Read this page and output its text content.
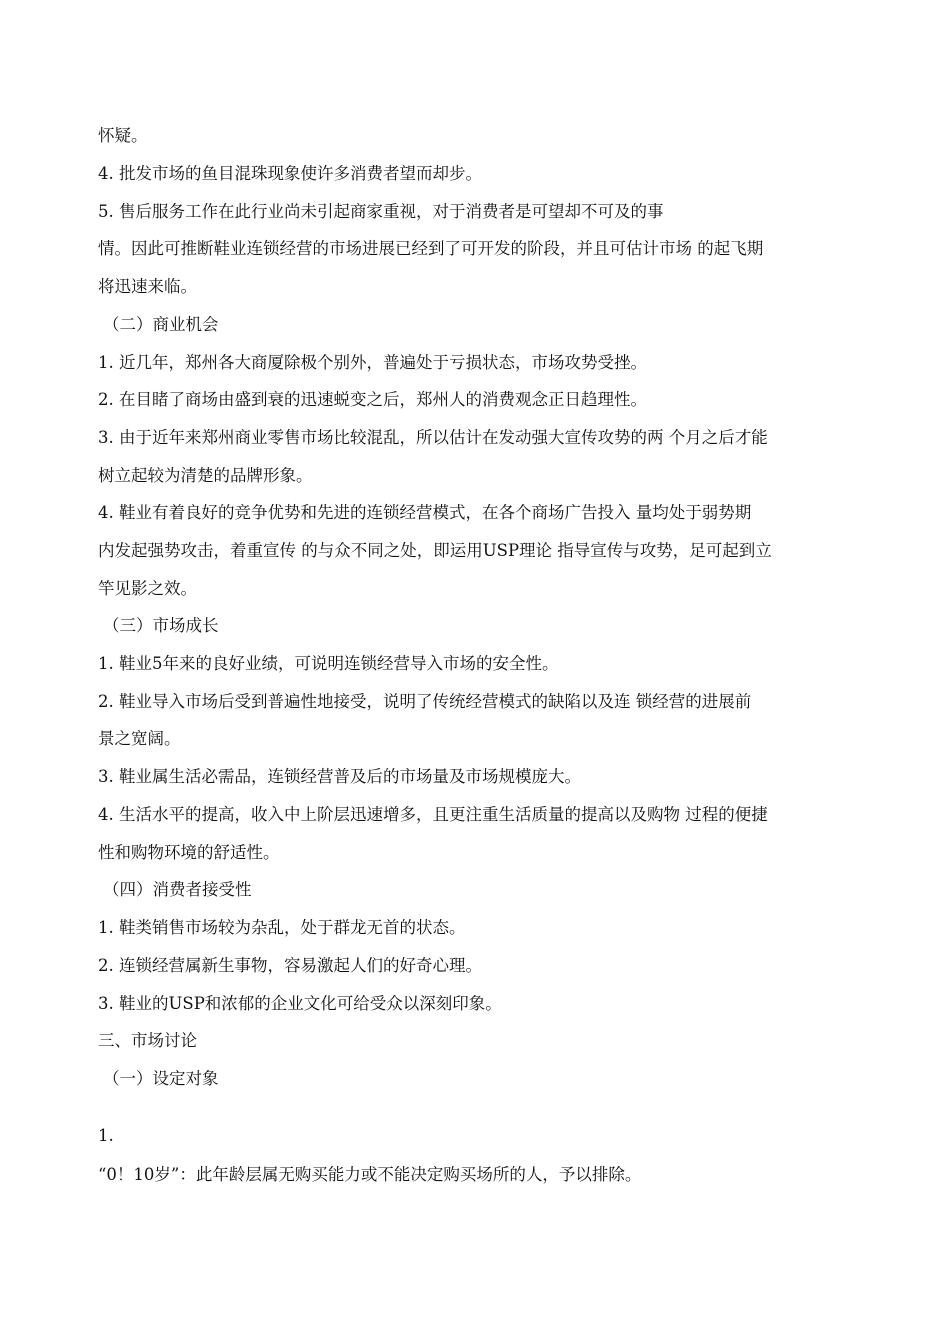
怀疑。
4. 批发市场的鱼目混珠现象使许多消费者望而却步。
5. 售后服务工作在此行业尚未引起商家重视，对于消费者是可望却不可及的事
情。因此可推断鞋业连锁经营的市场进展已经到了可开发的阶段，并且可估计市场 的起飞期
将迅速来临。
（二）商业机会
1. 近几年，郑州各大商厦除极个别外，普遍处于亏损状态，市场攻势受挫。
2. 在目睹了商场由盛到衰的迅速蜕变之后，郑州人的消费观念正日趋理性。
3. 由于近年来郑州商业零售市场比较混乱，所以估计在发动强大宣传攻势的两 个月之后才能
树立起较为清楚的品牌形象。
4. 鞋业有着良好的竞争优势和先进的连锁经营模式，在各个商场广告投入 量均处于弱势期
内发起强势攻击，着重宣传 的与众不同之处，即运用USP理论 指导宣传与攻势，足可起到立
竿见影之效。
（三）市场成长
1. 鞋业5年来的良好业绩，可说明连锁经营导入市场的安全性。
2. 鞋业导入市场后受到普遍性地接受，说明了传统经营模式的缺陷以及连 锁经营的进展前
景之宽阔。
3. 鞋业属生活必需品，连锁经营普及后的市场量及市场规模庞大。
4. 生活水平的提高，收入中上阶层迅速增多，且更注重生活质量的提高以及购物 过程的便捷
性和购物环境的舒适性。
（四）消费者接受性
1. 鞋类销售市场较为杂乱，处于群龙无首的状态。
2. 连锁经营属新生事物，容易激起人们的好奇心理。
3. 鞋业的USP和浓郁的企业文化可给受众以深刻印象。
三、市场讨论
（一）设定对象
1.
“0！10岁”：此年龄层属无购买能力或不能决定购买场所的人，予以排除。
